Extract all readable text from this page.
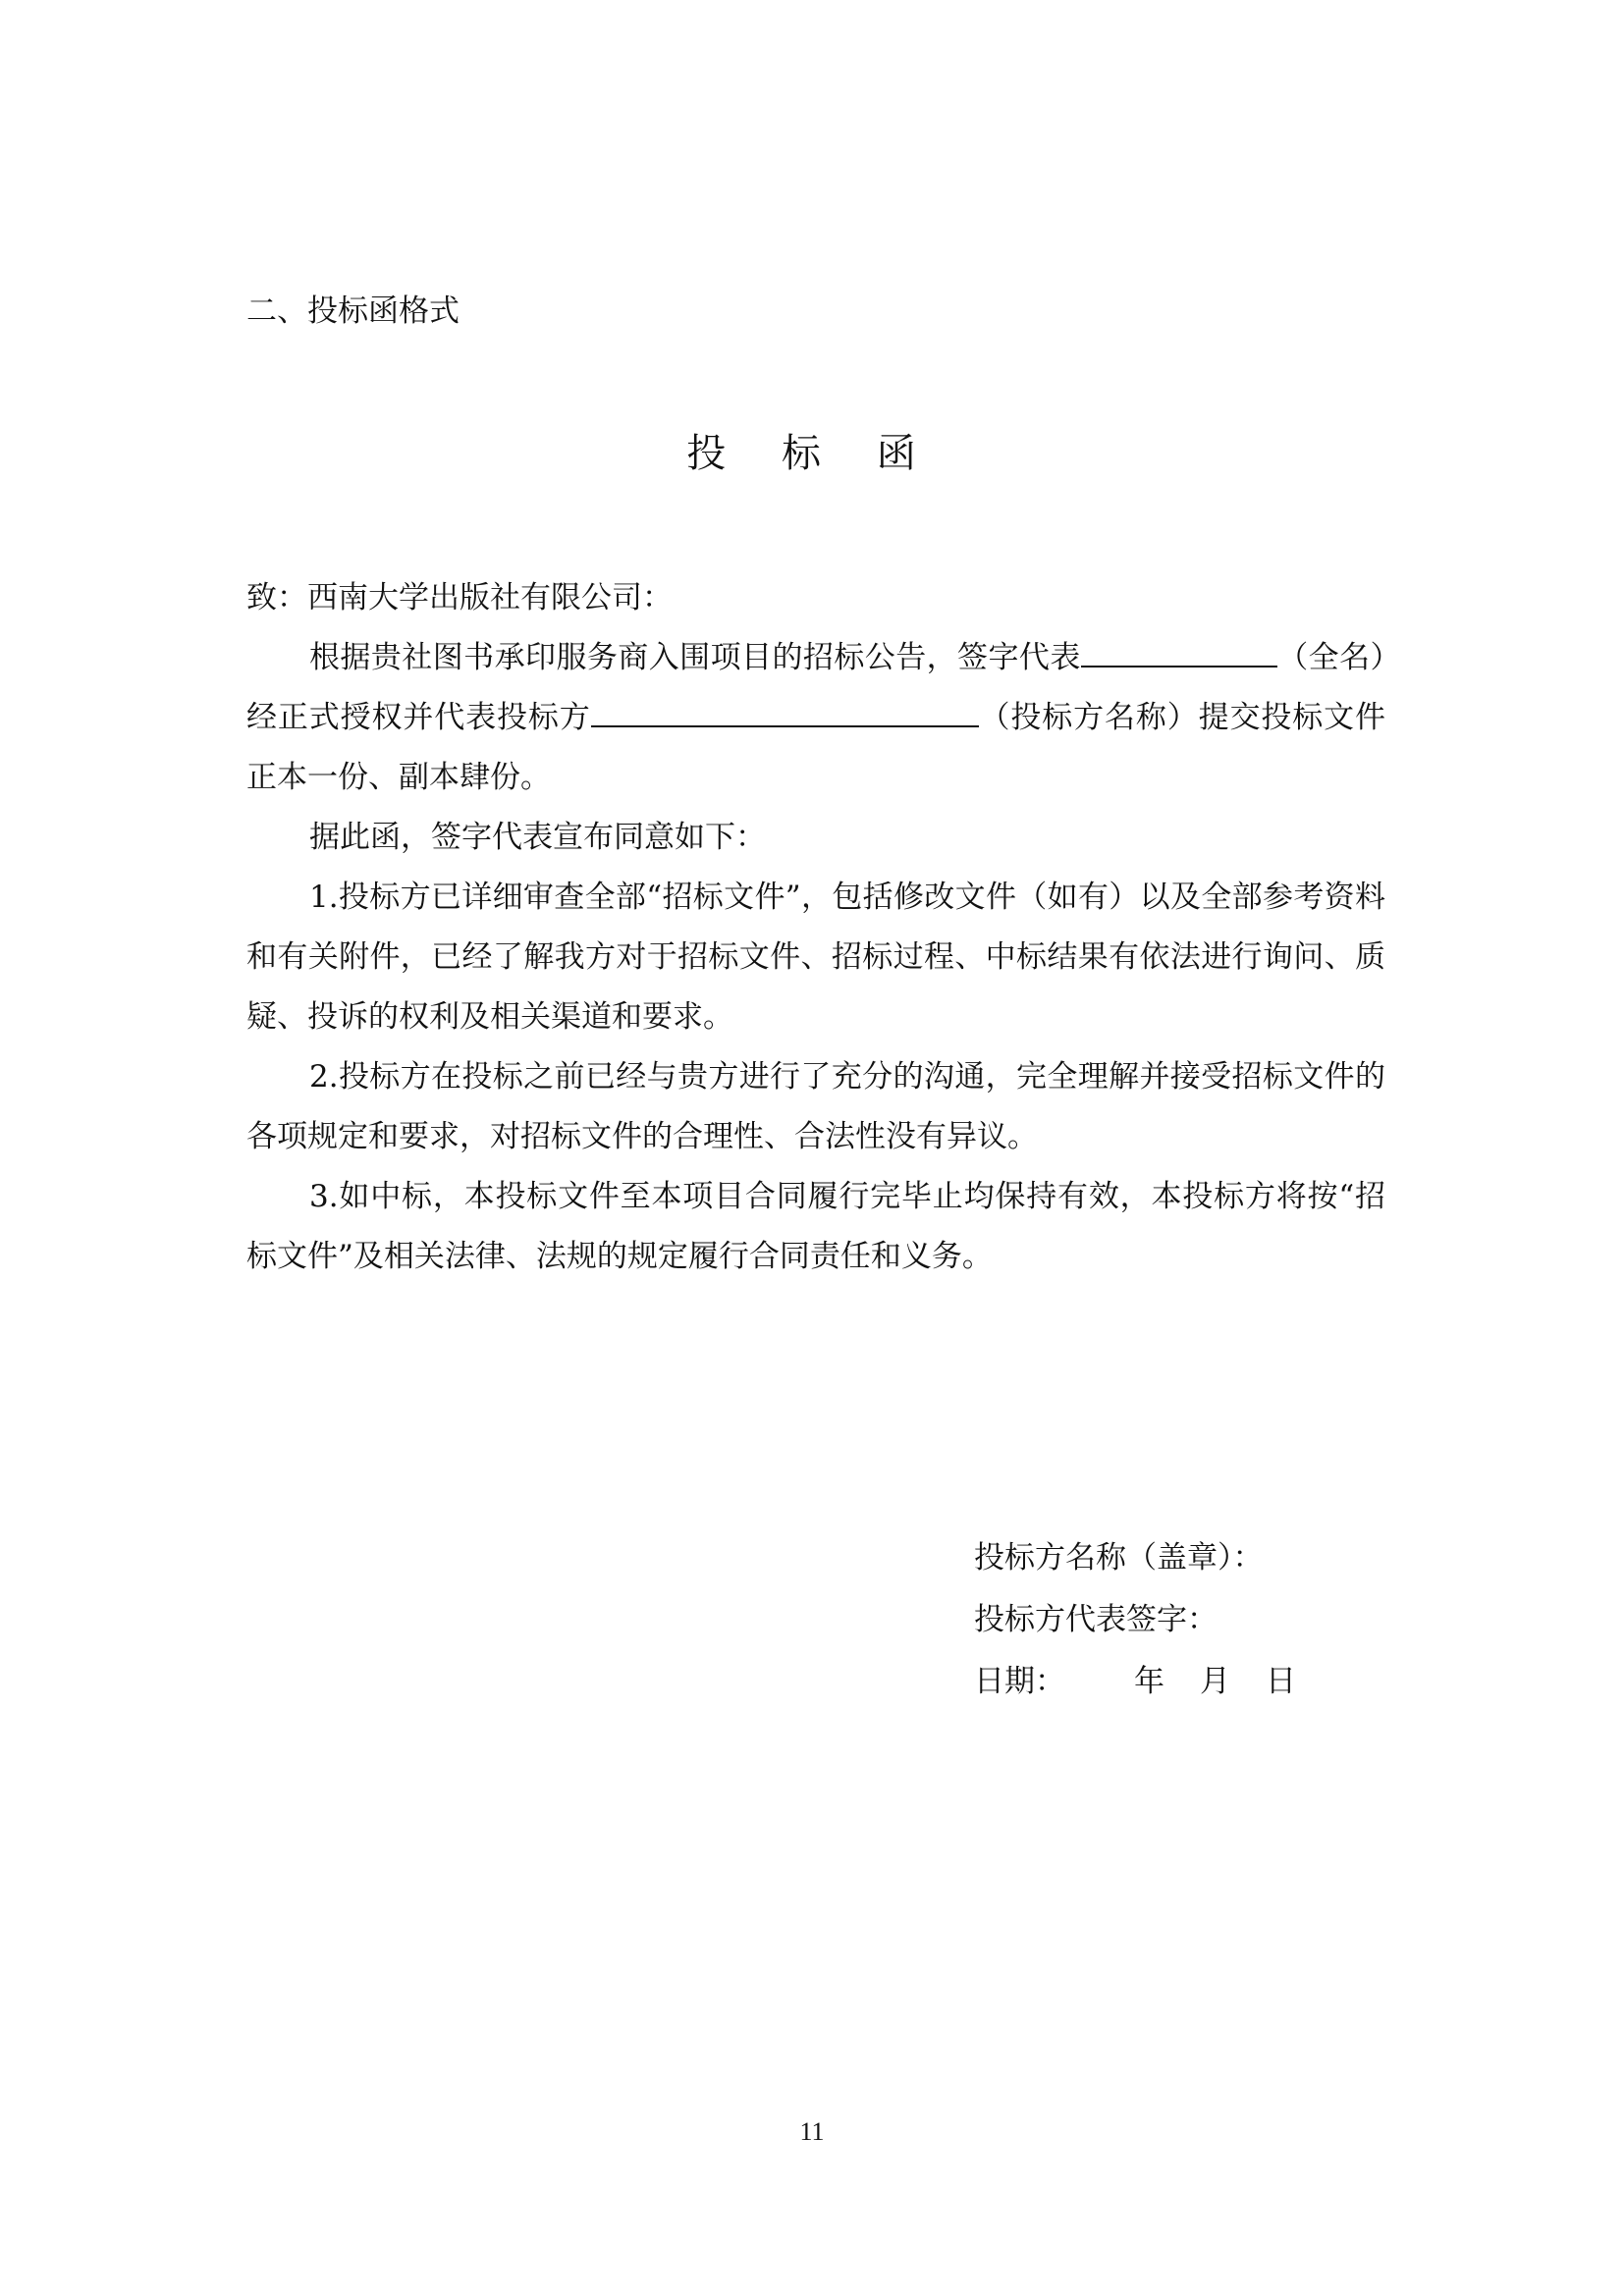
二、投标函格式
投 标 函
致：西南大学出版社有限公司：

根据贵社图书承印服务商入围项目的招标公告，签字代表	（全名）经正式授权并代表投标方	（投标方名称）提交投标文件正本一份、副本肆份。

据此函，签字代表宣布同意如下：

1.投标方已详细审查全部“招标文件”，包括修改文件（如有）以及全部参考资料和有关附件，已经了解我方对于招标文件、招标过程、中标结果有依法进行询问、质疑、投诉的权利及相关渠道和要求。

2.投标方在投标之前已经与贵方进行了充分的沟通，完全理解并接受招标文件的各项规定和要求，对招标文件的合理性、合法性没有异议。

3.如中标，本投标文件至本项目合同履行完毕止均保持有效，本投标方将按“招标文件”及相关法律、法规的规定履行合同责任和义务。

投标方名称（盖章）：
投标方代表签字：
日期： 年 月 日
11
